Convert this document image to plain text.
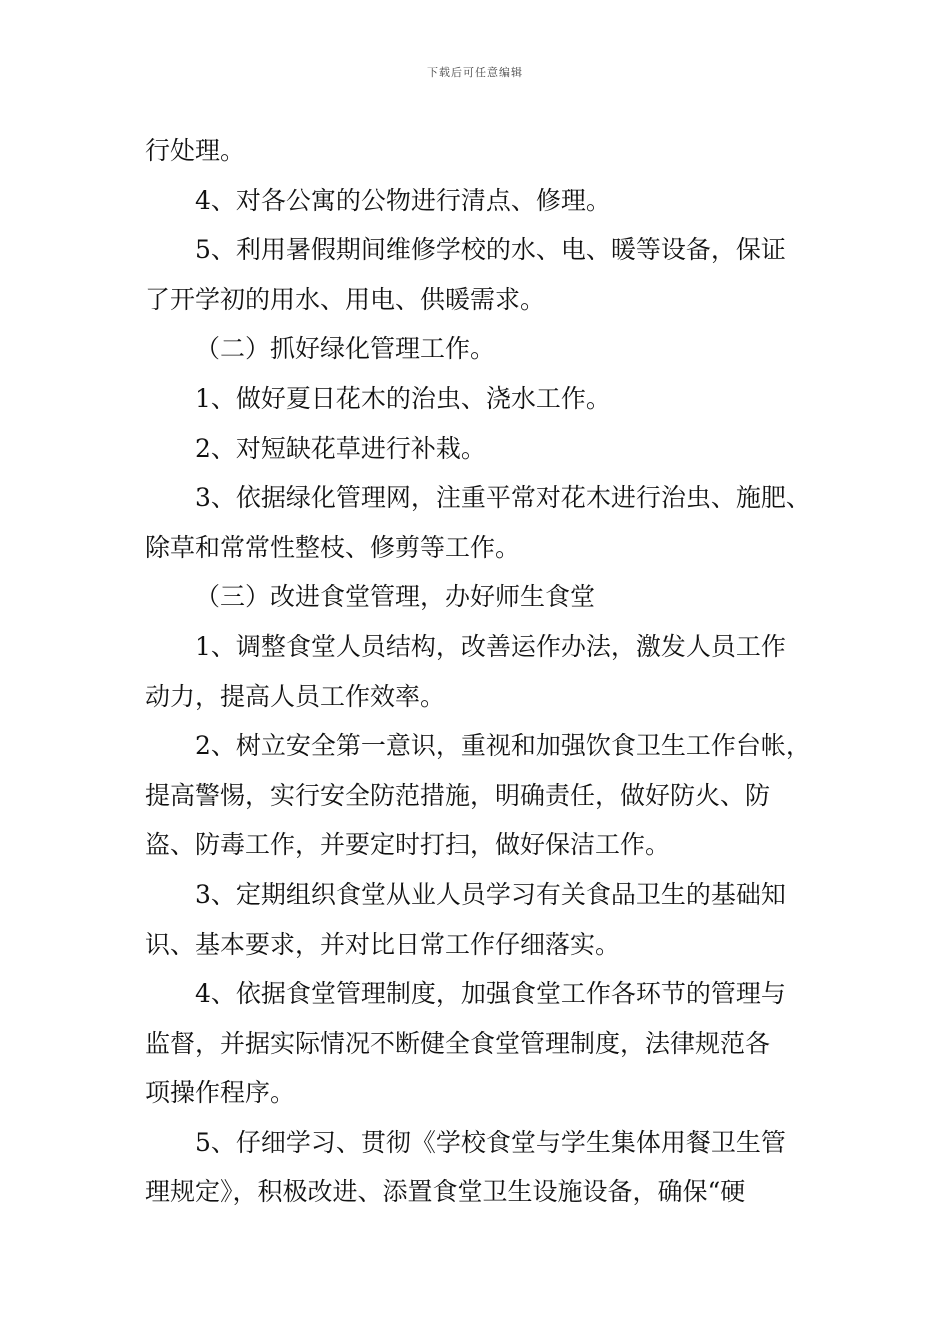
下载后可任意编辑

行处理。

4、对各公寓的公物进行清点、修理。

5、利用暑假期间维修学校的水、电、暖等设备，保证

了开学初的用水、用电、供暖需求。

（二）抓好绿化管理工作。

1、做好夏日花木的治虫、浇水工作。

2、对短缺花草进行补栽。

3、依据绿化管理网，注重平常对花木进行治虫、施肥、

除草和常常性整枝、修剪等工作。

（三）改进食堂管理，办好师生食堂

1、调整食堂人员结构，改善运作办法，激发人员工作

动力，提高人员工作效率。

2、树立安全第一意识，重视和加强饮食卫生工作台帐，

提高警惕，实行安全防范措施，明确责任，做好防火、防

盗、防毒工作，并要定时打扫，做好保洁工作。

3、定期组织食堂从业人员学习有关食品卫生的基础知

识、基本要求，并对比日常工作仔细落实。

4、依据食堂管理制度，加强食堂工作各环节的管理与

监督，并据实际情况不断健全食堂管理制度，法律规范各

项操作程序。

5、仔细学习、贯彻《学校食堂与学生集体用餐卫生管

理规定》，积极改进、添置食堂卫生设施设备，确保“硬
